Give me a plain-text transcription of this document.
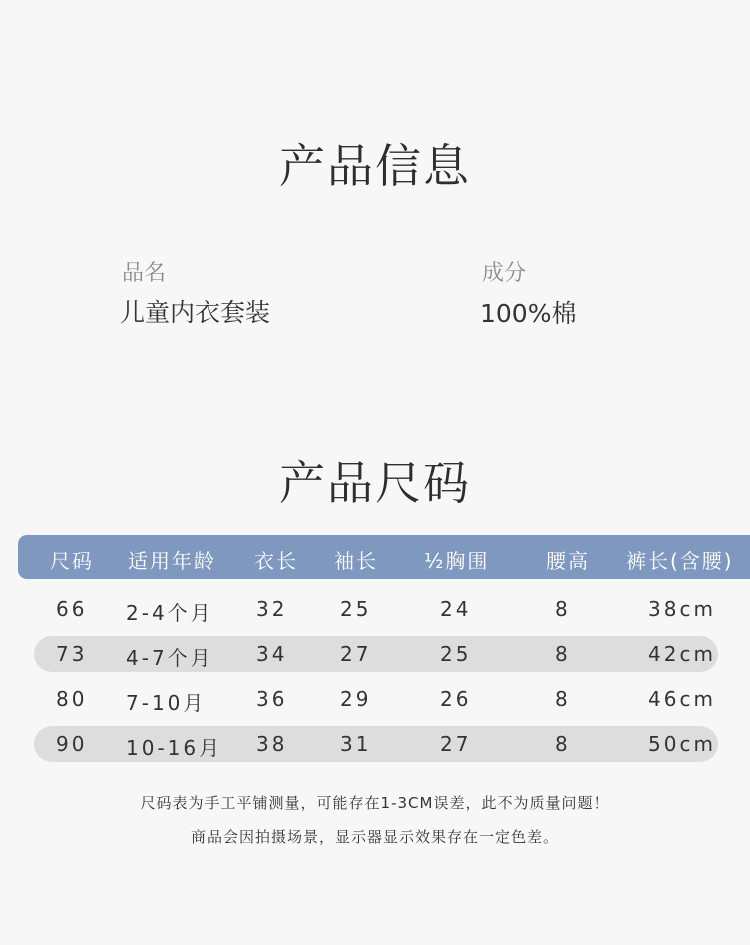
产品信息
品名
儿童内衣套装
成分
100%棉
产品尺码
尺码 适用年龄 衣长 袖长 ½胸围	腰高 裤长(含腰)
66 2-4个月 32	25	24	8	38cm
73 4-7个月 34	27	25	8	42cm
80 7-10月 36	29	26	8	46cm
90 10-16月 38	31	27	8	50cm
尺码表为手工平铺测量，可能存在1-3CM误差，此不为质量问题！
商品会因拍摄场景，显示器显示效果存在一定色差。
